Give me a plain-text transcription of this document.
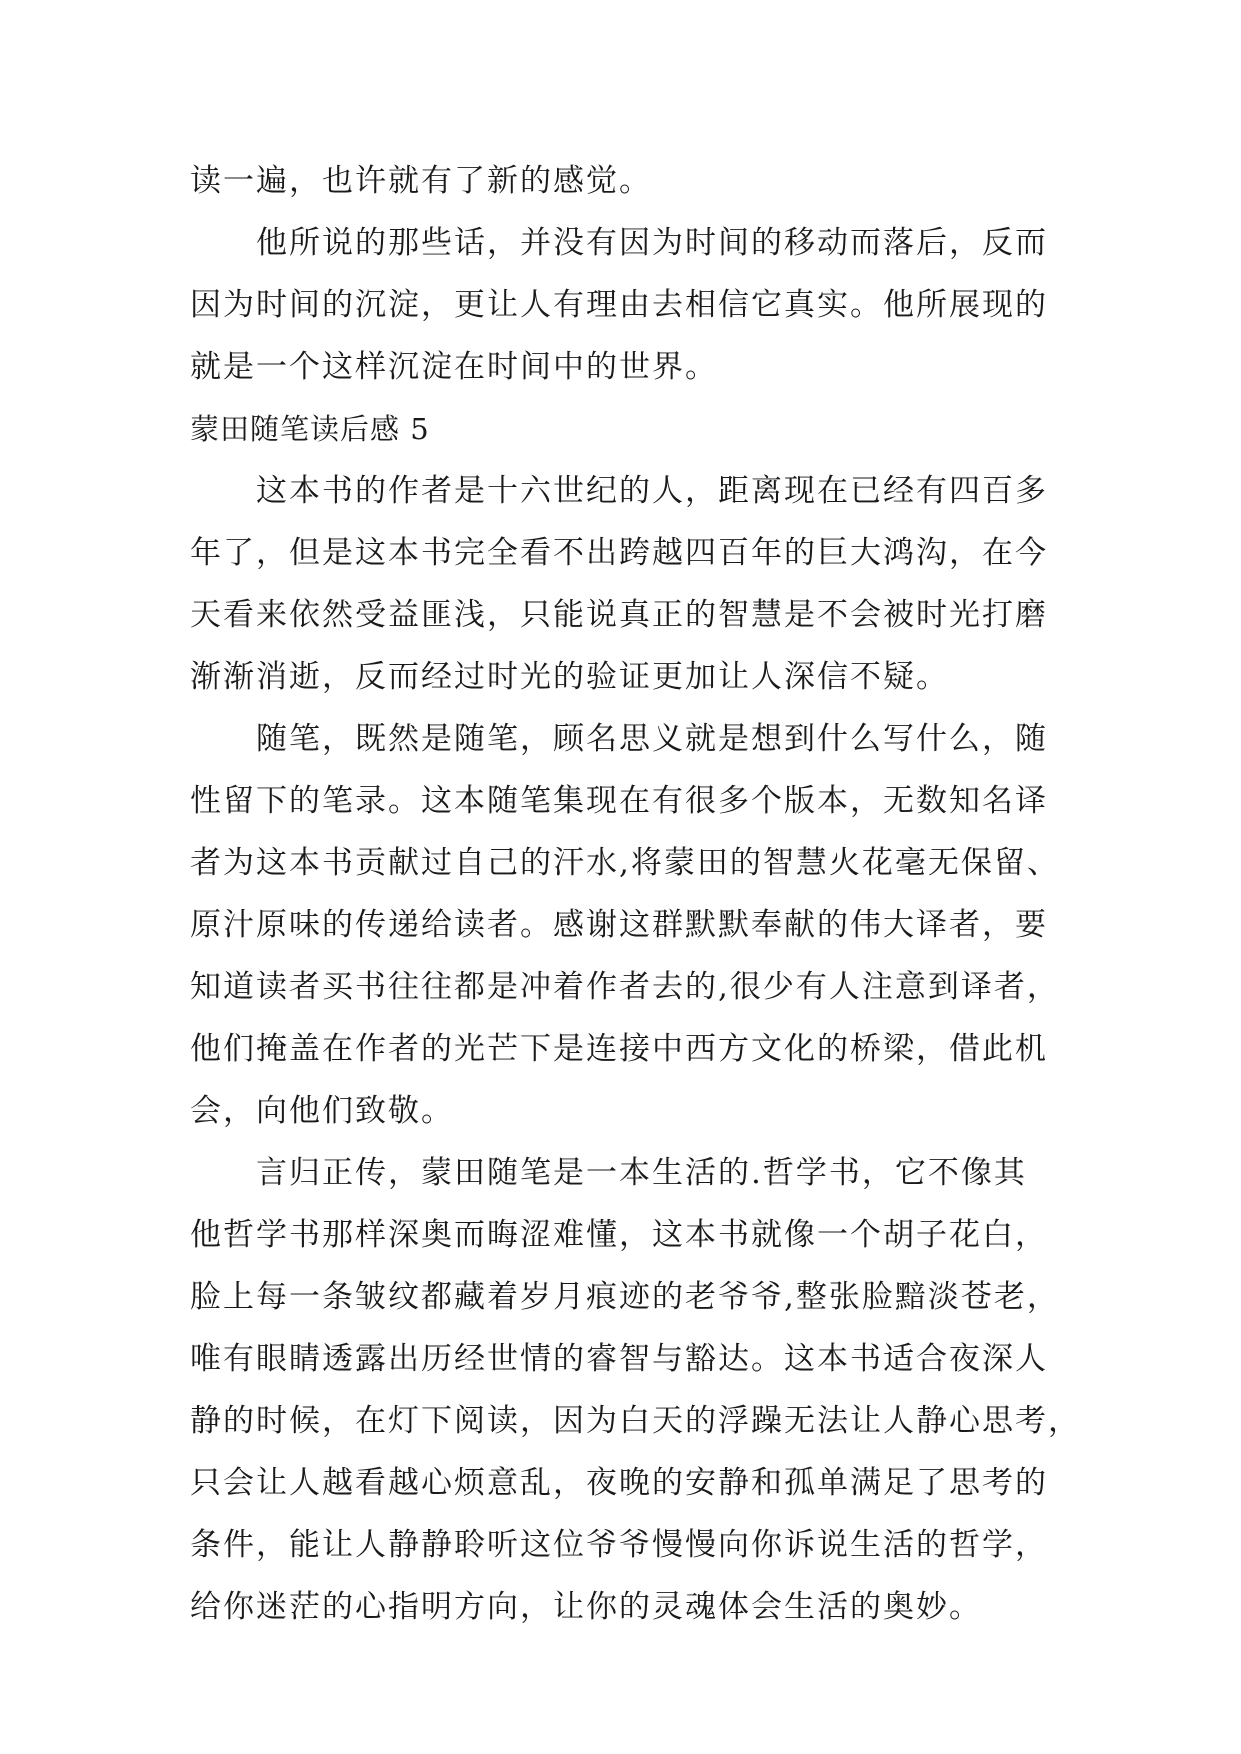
读一遍，也许就有了新的感觉。
他所说的那些话，并没有因为时间的移动而落后，反而
因为时间的沉淀，更让人有理由去相信它真实。他所展现的
就是一个这样沉淀在时间中的世界。
蒙田随笔读后感 5
这本书的作者是十六世纪的人，距离现在已经有四百多
年了，但是这本书完全看不出跨越四百年的巨大鸿沟，在今
天看来依然受益匪浅，只能说真正的智慧是不会被时光打磨
渐渐消逝，反而经过时光的验证更加让人深信不疑。
随笔，既然是随笔，顾名思义就是想到什么写什么，随
性留下的笔录。这本随笔集现在有很多个版本，无数知名译
者为这本书贡献过自己的汗水,将蒙田的智慧火花毫无保留、
原汁原味的传递给读者。感谢这群默默奉献的伟大译者，要
知道读者买书往往都是冲着作者去的,很少有人注意到译者，
他们掩盖在作者的光芒下是连接中西方文化的桥梁，借此机
会，向他们致敬。
言归正传，蒙田随笔是一本生活的.哲学书，它不像其
他哲学书那样深奥而晦涩难懂，这本书就像一个胡子花白，
脸上每一条皱纹都藏着岁月痕迹的老爷爷,整张脸黯淡苍老，
唯有眼睛透露出历经世情的睿智与豁达。这本书适合夜深人
静的时候，在灯下阅读，因为白天的浮躁无法让人静心思考，
只会让人越看越心烦意乱，夜晚的安静和孤单满足了思考的
条件，能让人静静聆听这位爷爷慢慢向你诉说生活的哲学，
给你迷茫的心指明方向，让你的灵魂体会生活的奥妙。
